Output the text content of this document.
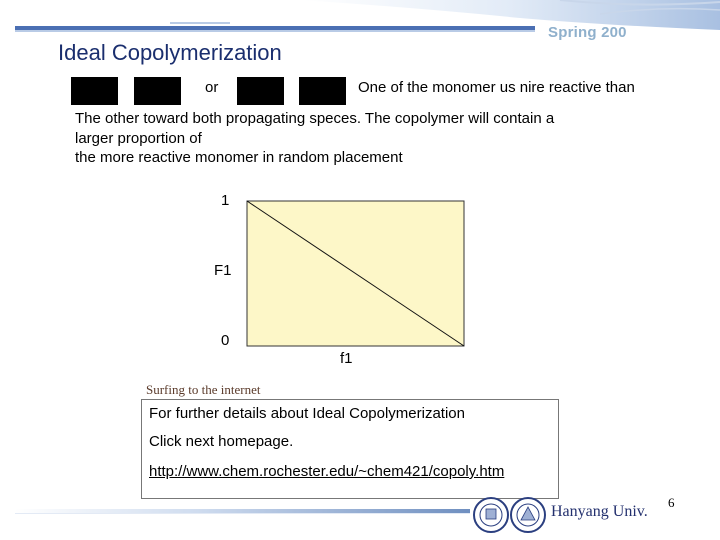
Spring 200
Ideal Copolymerization
or	One of the monomer us nire reactive than
The other toward both propagating speces. The copolymer will contain a
larger proportion of
the more reactive monomer in random placement
1
F1
0
f1
Surfing to the internet
For further details about Ideal Copolymerization
Click next homepage.
http://www.chem.rochester.edu/~chem421/copoly.htm
Hanyang Univ.
6
